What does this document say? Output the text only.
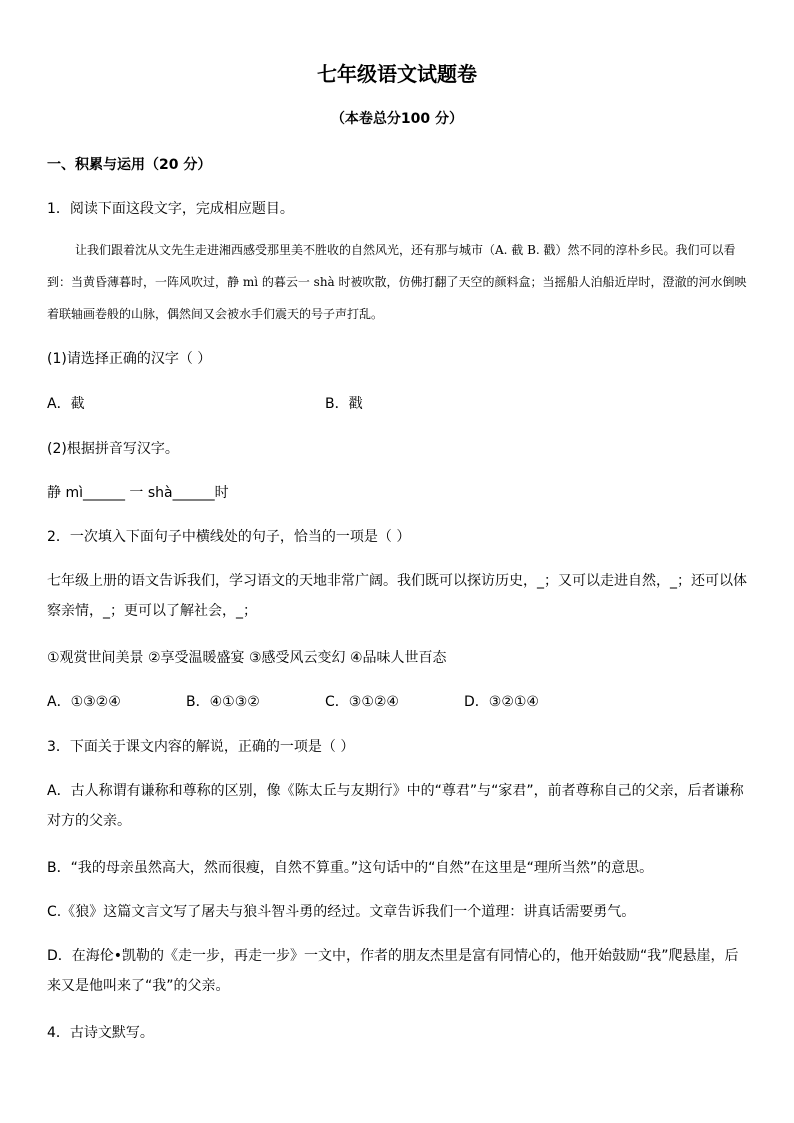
七年级语文试题卷
（本卷总分100 分）
一、积累与运用（20 分）
1．阅读下面这段文字，完成相应题目。
让我们跟着沈从文先生走进湘西感受那里美不胜收的自然风光，还有那与城市（A. 截 B. 戳）然不同的淳朴乡民。我们可以看到：当黄昏薄暮时，一阵风吹过，静 mì 的暮云一 shà 时被吹散，仿佛打翻了天空的颜料盒；当摇船人泊船近岸时，澄澈的河水倒映着联轴画卷般的山脉，偶然间又会被水手们震天的号子声打乱。
(1)请选择正确的汉字（ ）
A．截	B．戳
(2)根据拼音写汉字。
静 mì______ 一 shà______时
2．一次填入下面句子中横线处的句子，恰当的一项是（ ）
七年级上册的语文告诉我们，学习语文的天地非常广阔。我们既可以探访历史，_；又可以走进自然，_；还可以体察亲情，_；更可以了解社会，_；
①观赏世间美景 ②享受温暖盛宴 ③感受风云变幻 ④品味人世百态
A．①③②④	B．④①③②	C．③①②④	D．③②①④
3．下面关于课文内容的解说，正确的一项是（ ）
A．古人称谓有谦称和尊称的区别，像《陈太丘与友期行》中的“尊君”与“家君”，前者尊称自己的父亲，后者谦称对方的父亲。
B．“我的母亲虽然高大，然而很瘦，自然不算重。”这句话中的“自然”在这里是“理所当然”的意思。
C.《狼》这篇文言文写了屠夫与狼斗智斗勇的经过。文章告诉我们一个道理：讲真话需要勇气。
D．在海伦•凯勒的《走一步，再走一步》一文中，作者的朋友杰里是富有同情心的，他开始鼓励“我”爬悬崖，后来又是他叫来了“我”的父亲。
4．古诗文默写。
